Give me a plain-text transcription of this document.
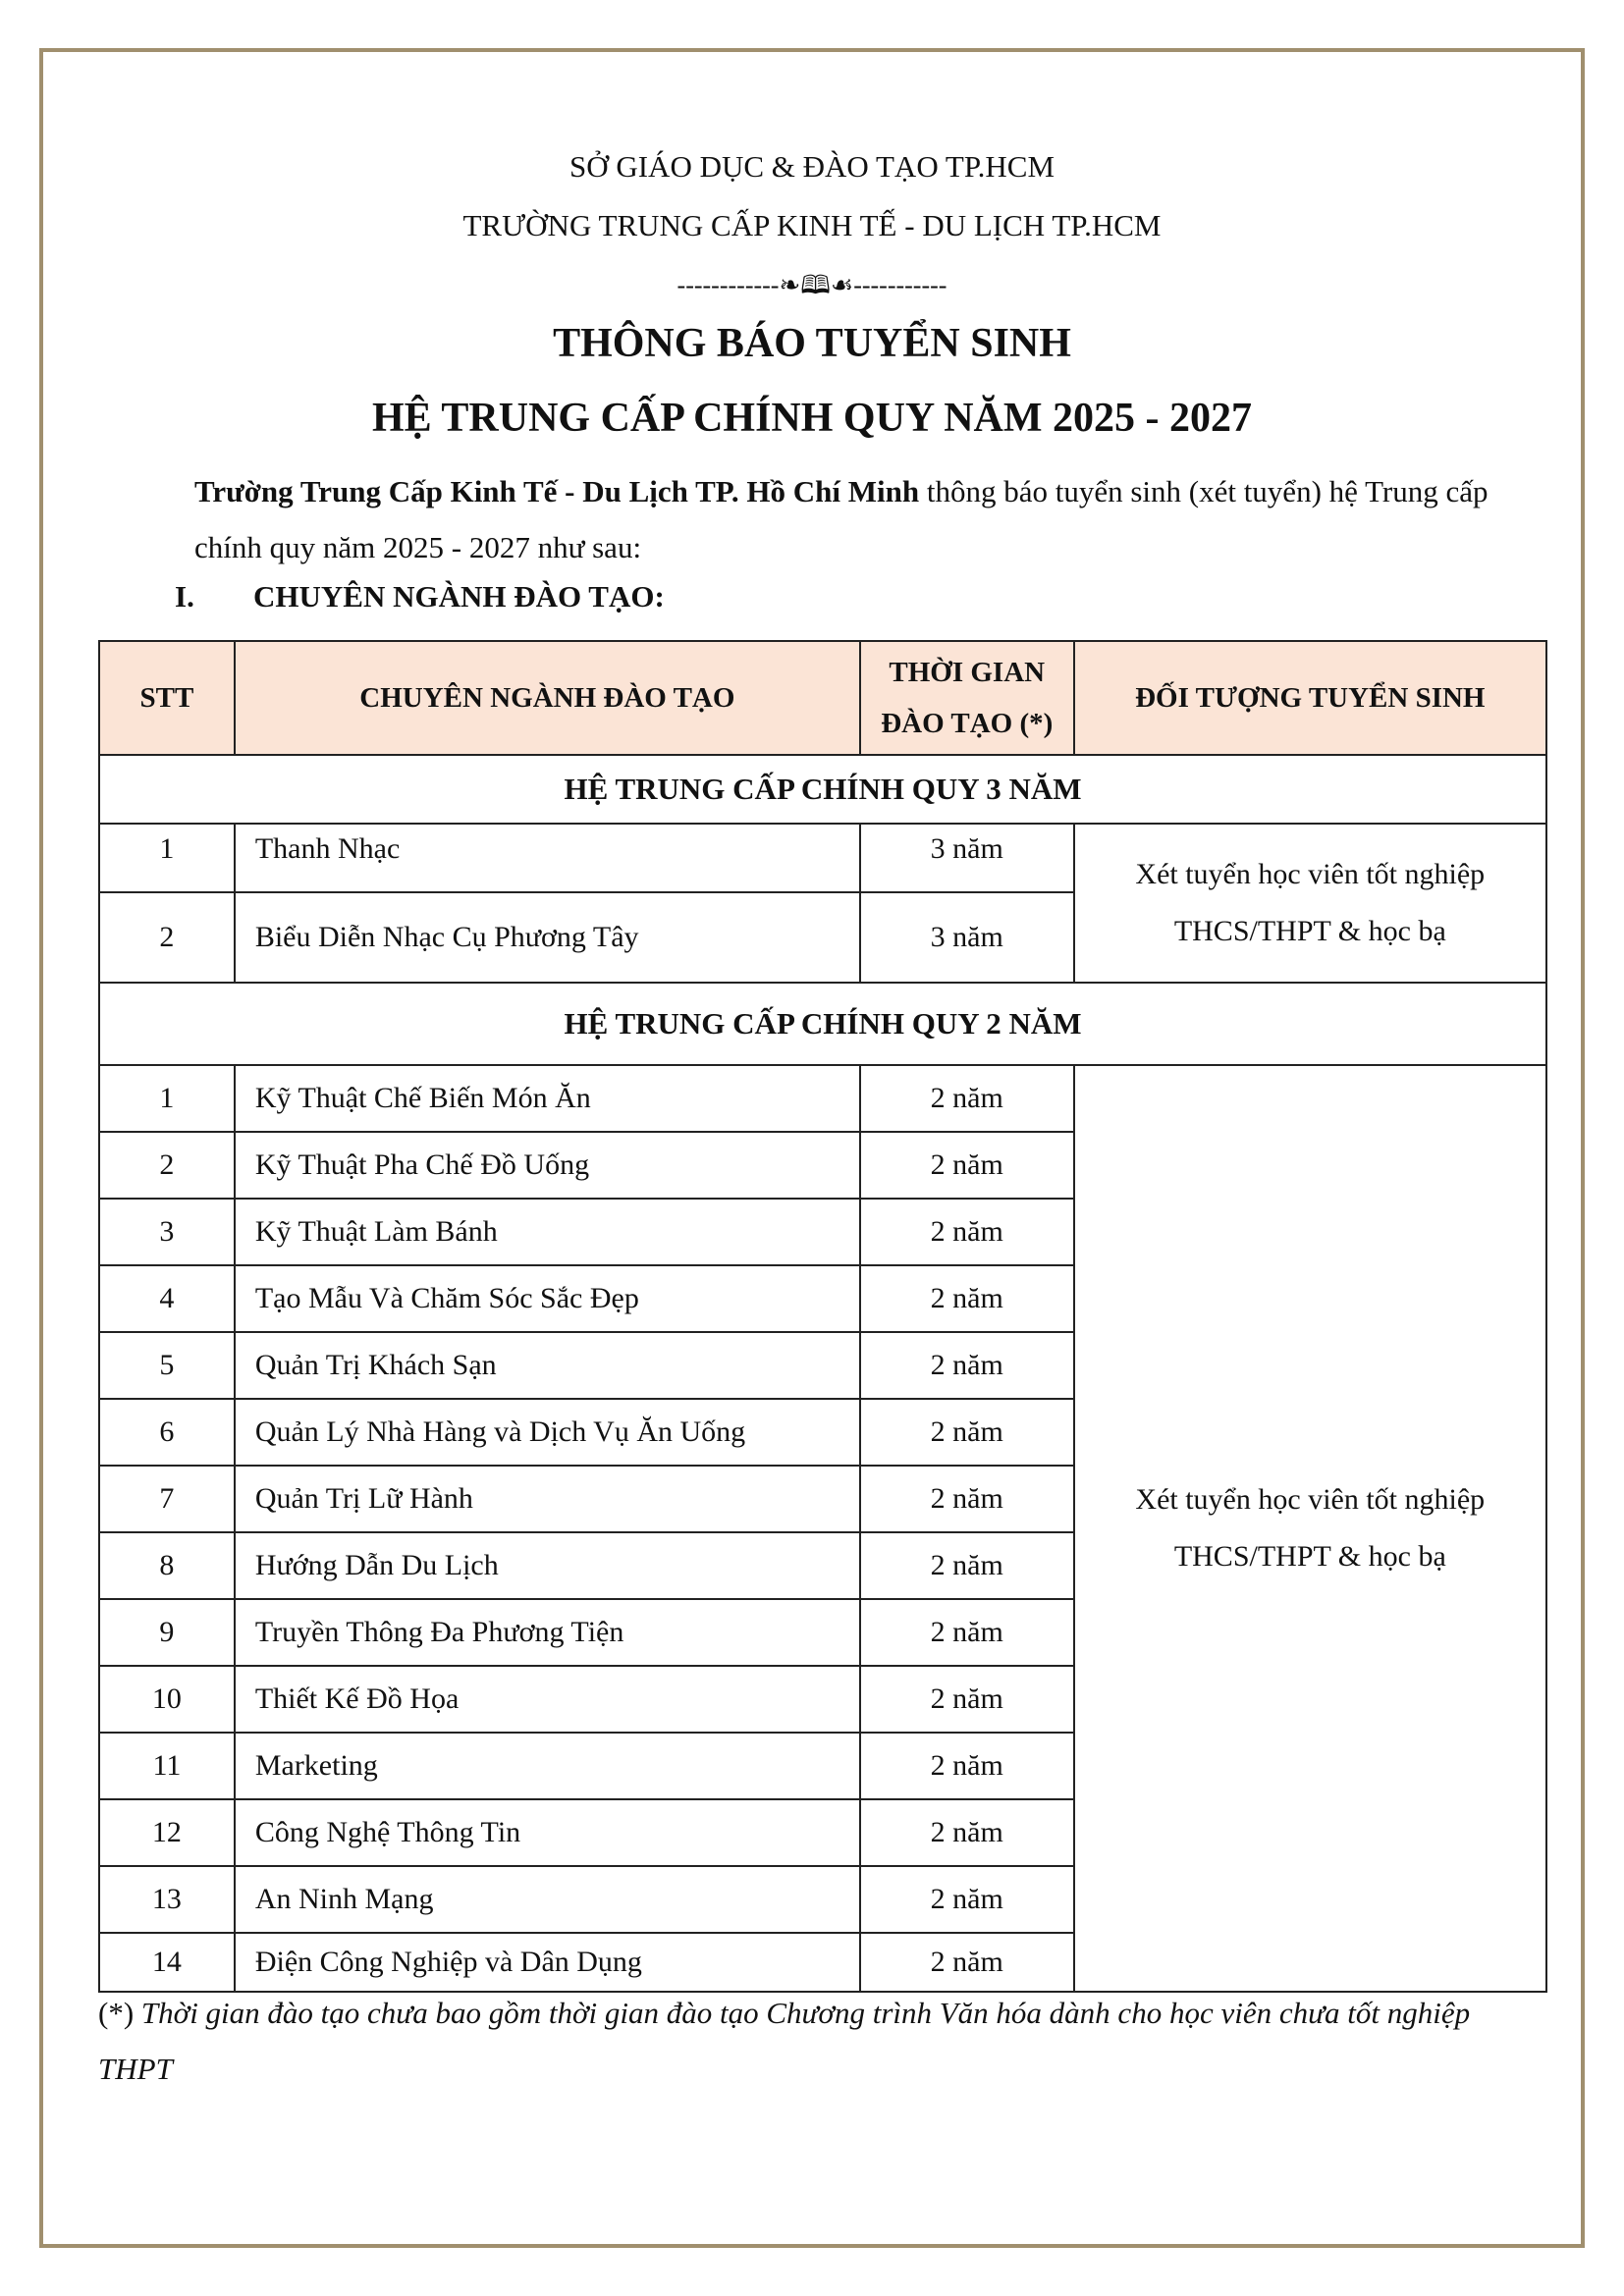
SỞ GIÁO DỤC & ĐÀO TẠO TP.HCM
TRƯỜNG TRUNG CẤP KINH TẾ - DU LỊCH TP.HCM
------------❧🕮☙-----------
THÔNG BÁO TUYỂN SINH
HỆ TRUNG CẤP CHÍNH QUY NĂM 2025 - 2027
Trường Trung Cấp Kinh Tế - Du Lịch TP. Hồ Chí Minh thông báo tuyển sinh (xét tuyển) hệ Trung cấp chính quy năm 2025 - 2027 như sau:
I. CHUYÊN NGÀNH ĐÀO TẠO:
STT	CHUYÊN NGÀNH ĐÀO TẠO	THỜI GIAN
ĐÀO TẠO (*)	ĐỐI TƯỢNG TUYỂN SINH
HỆ TRUNG CẤP CHÍNH QUY 3 NĂM			
1	Thanh Nhạc	3 năm	Xét tuyển học viên tốt nghiệp
THCS/THPT & học bạ
2	Biểu Diễn Nhạc Cụ Phương Tây	3 năm	
HỆ TRUNG CẤP CHÍNH QUY 2 NĂM			
1	Kỹ Thuật Chế Biến Món Ăn	2 năm	Xét tuyển học viên tốt nghiệp
THCS/THPT & học bạ
2	Kỹ Thuật Pha Chế Đồ Uống	2 năm	
3	Kỹ Thuật Làm Bánh	2 năm	
4	Tạo Mẫu Và Chăm Sóc Sắc Đẹp	2 năm	
5	Quản Trị Khách Sạn	2 năm	
6	Quản Lý Nhà Hàng và Dịch Vụ Ăn Uống	2 năm	
7	Quản Trị Lữ Hành	2 năm	
8	Hướng Dẫn Du Lịch	2 năm	
9	Truyền Thông Đa Phương Tiện	2 năm	
10	Thiết Kế Đồ Họa	2 năm	
11	Marketing	2 năm	
12	Công Nghệ Thông Tin	2 năm	
13	An Ninh Mạng	2 năm	
14	Điện Công Nghiệp và Dân Dụng	2 năm	
(*) Thời gian đào tạo chưa bao gồm thời gian đào tạo Chương trình Văn hóa dành cho học viên chưa tốt nghiệp THPT
